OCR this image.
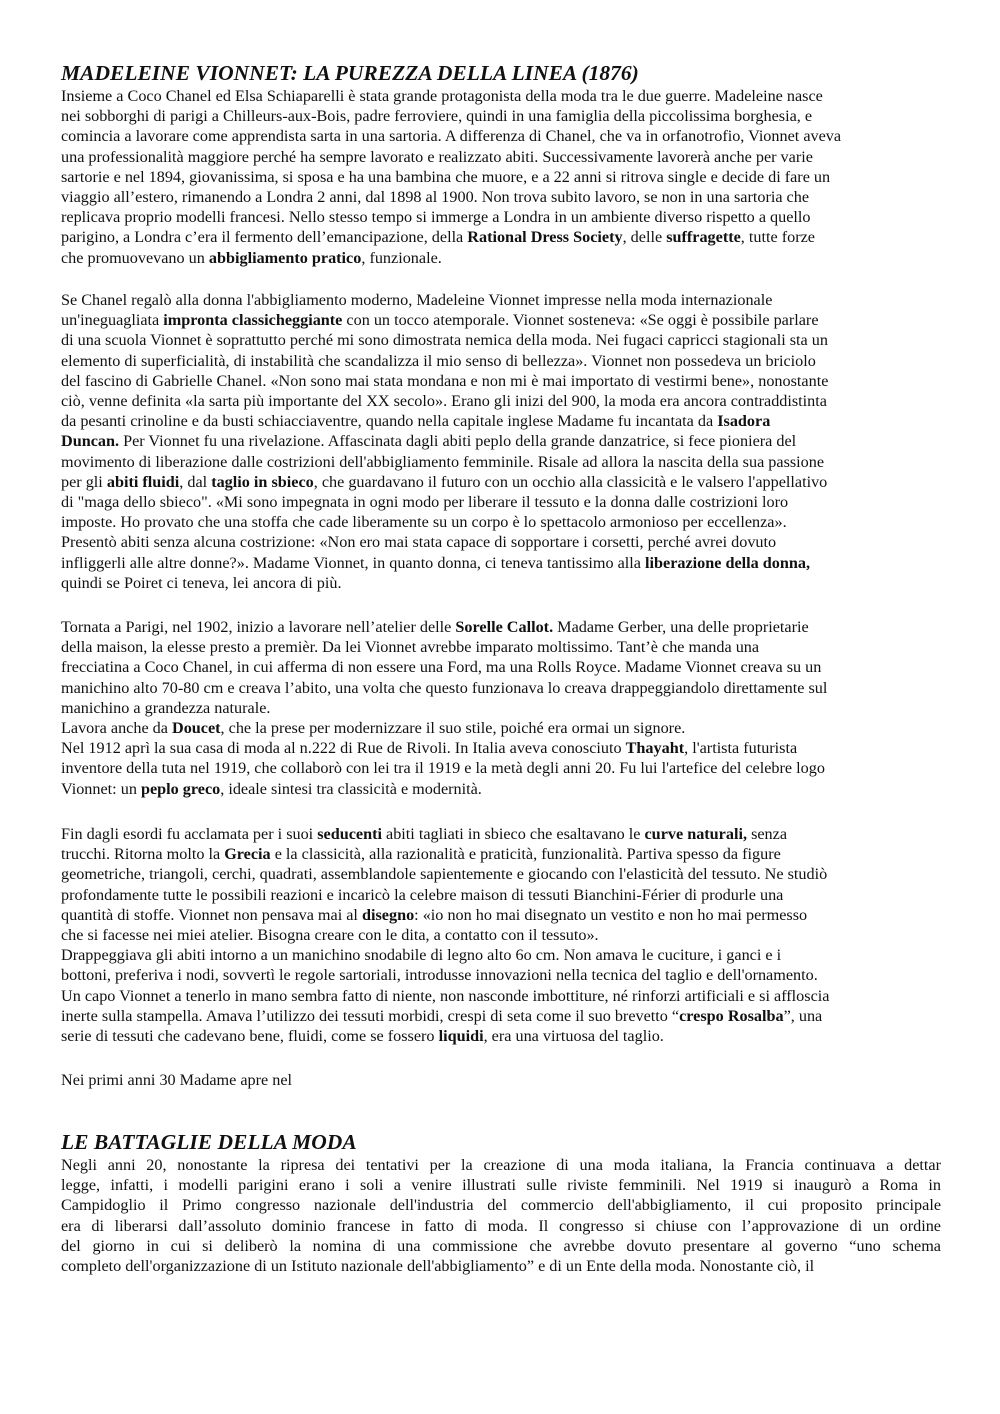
MADELEINE VIONNET: LA PUREZZA DELLA LINEA (1876)
Insieme a Coco Chanel ed Elsa Schiaparelli è stata grande protagonista della moda tra le due guerre. Madeleine nasce
nei sobborghi di parigi a Chilleurs-aux-Bois, padre ferroviere, quindi in una famiglia della piccolissima borghesia, e
comincia a lavorare come apprendista sarta in una sartoria. A differenza di Chanel, che va in orfanotrofio, Vionnet aveva
una professionalità maggiore perché ha sempre lavorato e realizzato abiti. Successivamente lavorerà anche per varie
sartorie e nel 1894, giovanissima, si sposa e ha una bambina che muore, e a 22 anni si ritrova single e decide di fare un
viaggio all’estero, rimanendo a Londra 2 anni, dal 1898 al 1900. Non trova subito lavoro, se non in una sartoria che
replicava proprio modelli francesi. Nello stesso tempo si immerge a Londra in un ambiente diverso rispetto a quello
parigino, a Londra c’era il fermento dell’emancipazione, della Rational Dress Society, delle suffragette, tutte forze
che promuovevano un abbigliamento pratico, funzionale.
Se Chanel regalò alla donna l'abbigliamento moderno, Madeleine Vionnet impresse nella moda internazionale
un'ineguagliata impronta classicheggiante con un tocco atemporale. Vionnet sosteneva: «Se oggi è possibile parlare
di una scuola Vionnet è soprattutto perché mi sono dimostrata nemica della moda. Nei fugaci capricci stagionali sta un
elemento di superficialità, di instabilità che scandalizza il mio senso di bellezza». Vionnet non possedeva un briciolo
del fascino di Gabrielle Chanel. «Non sono mai stata mondana e non mi è mai importato di vestirmi bene», nonostante
ciò, venne definita «la sarta più importante del XX secolo». Erano gli inizi del 900, la moda era ancora contraddistinta
da pesanti crinoline e da busti schiacciaventre, quando nella capitale inglese Madame fu incantata da Isadora
Duncan. Per Vionnet fu una rivelazione. Affascinata dagli abiti peplo della grande danzatrice, si fece pioniera del
movimento di liberazione dalle costrizioni dell'abbigliamento femminile. Risale ad allora la nascita della sua passione
per gli abiti fluidi, dal taglio in sbieco, che guardavano il futuro con un occhio alla classicità e le valsero l'appellativo
di "maga dello sbieco". «Mi sono impegnata in ogni modo per liberare il tessuto e la donna dalle costrizioni loro
imposte. Ho provato che una stoffa che cade liberamente su un corpo è lo spettacolo armonioso per eccellenza».
Presentò abiti senza alcuna costrizione: «Non ero mai stata capace di sopportare i corsetti, perché avrei dovuto
infliggerli alle altre donne?». Madame Vionnet, in quanto donna, ci teneva tantissimo alla liberazione della donna,
quindi se Poiret ci teneva, lei ancora di più.
Tornata a Parigi, nel 1902, inizio a lavorare nell’atelier delle Sorelle Callot. Madame Gerber, una delle proprietarie
della maison, la elesse presto a premièr. Da lei Vionnet avrebbe imparato moltissimo. Tant’è che manda una
frecciatina a Coco Chanel, in cui afferma di non essere una Ford, ma una Rolls Royce. Madame Vionnet creava su un
manichino alto 70-80 cm e creava l’abito, una volta che questo funzionava lo creava drappeggiandolo direttamente sul
manichino a grandezza naturale.
Lavora anche da Doucet, che la prese per modernizzare il suo stile, poiché era ormai un signore.
Nel 1912 aprì la sua casa di moda al n.222 di Rue de Rivoli. In Italia aveva conosciuto Thayaht, l'artista futurista
inventore della tuta nel 1919, che collaborò con lei tra il 1919 e la metà degli anni 20. Fu lui l'artefice del celebre logo
Vionnet: un peplo greco, ideale sintesi tra classicità e modernità.
Fin dagli esordi fu acclamata per i suoi seducenti abiti tagliati in sbieco che esaltavano le curve naturali, senza
trucchi. Ritorna molto la Grecia e la classicità, alla razionalità e praticità, funzionalità. Partiva spesso da figure
geometriche, triangoli, cerchi, quadrati, assemblandole sapientemente e giocando con l'elasticità del tessuto. Ne studiò
profondamente tutte le possibili reazioni e incaricò la celebre maison di tessuti Bianchini-Férier di produrle una
quantità di stoffe. Vionnet non pensava mai al disegno: «io non ho mai disegnato un vestito e non ho mai permesso
che si facesse nei miei atelier. Bisogna creare con le dita, a contatto con il tessuto».
Drappeggiava gli abiti intorno a un manichino snodabile di legno alto 6o cm. Non amava le cuciture, i ganci e i
bottoni, preferiva i nodi, sovvertì le regole sartoriali, introdusse innovazioni nella tecnica del taglio e dell'ornamento.
Un capo Vionnet a tenerlo in mano sembra fatto di niente, non nasconde imbottiture, né rinforzi artificiali e si affloscia
inerte sulla stampella. Amava l’utilizzo dei tessuti morbidi, crespi di seta come il suo brevetto “crespo Rosalba”, una
serie di tessuti che cadevano bene, fluidi, come se fossero liquidi, era una virtuosa del taglio.
Nei primi anni 30 Madame apre nel
LE BATTAGLIE DELLA MODA
Negli anni 20, nonostante la ripresa dei tentativi per la creazione di una moda italiana, la Francia continuava a dettar
legge, infatti, i modelli parigini erano i soli a venire illustrati sulle riviste femminili. Nel 1919 si inaugurò a Roma in
Campidoglio il Primo congresso nazionale dell'industria del commercio dell'abbigliamento, il cui proposito principale
era di liberarsi dall’assoluto dominio francese in fatto di moda. Il congresso si chiuse con l’approvazione di un ordine
del giorno in cui si deliberò la nomina di una commissione che avrebbe dovuto presentare al governo “uno schema
completo dell'organizzazione di un Istituto nazionale dell'abbigliamento” e di un Ente della moda. Nonostante ciò, il
